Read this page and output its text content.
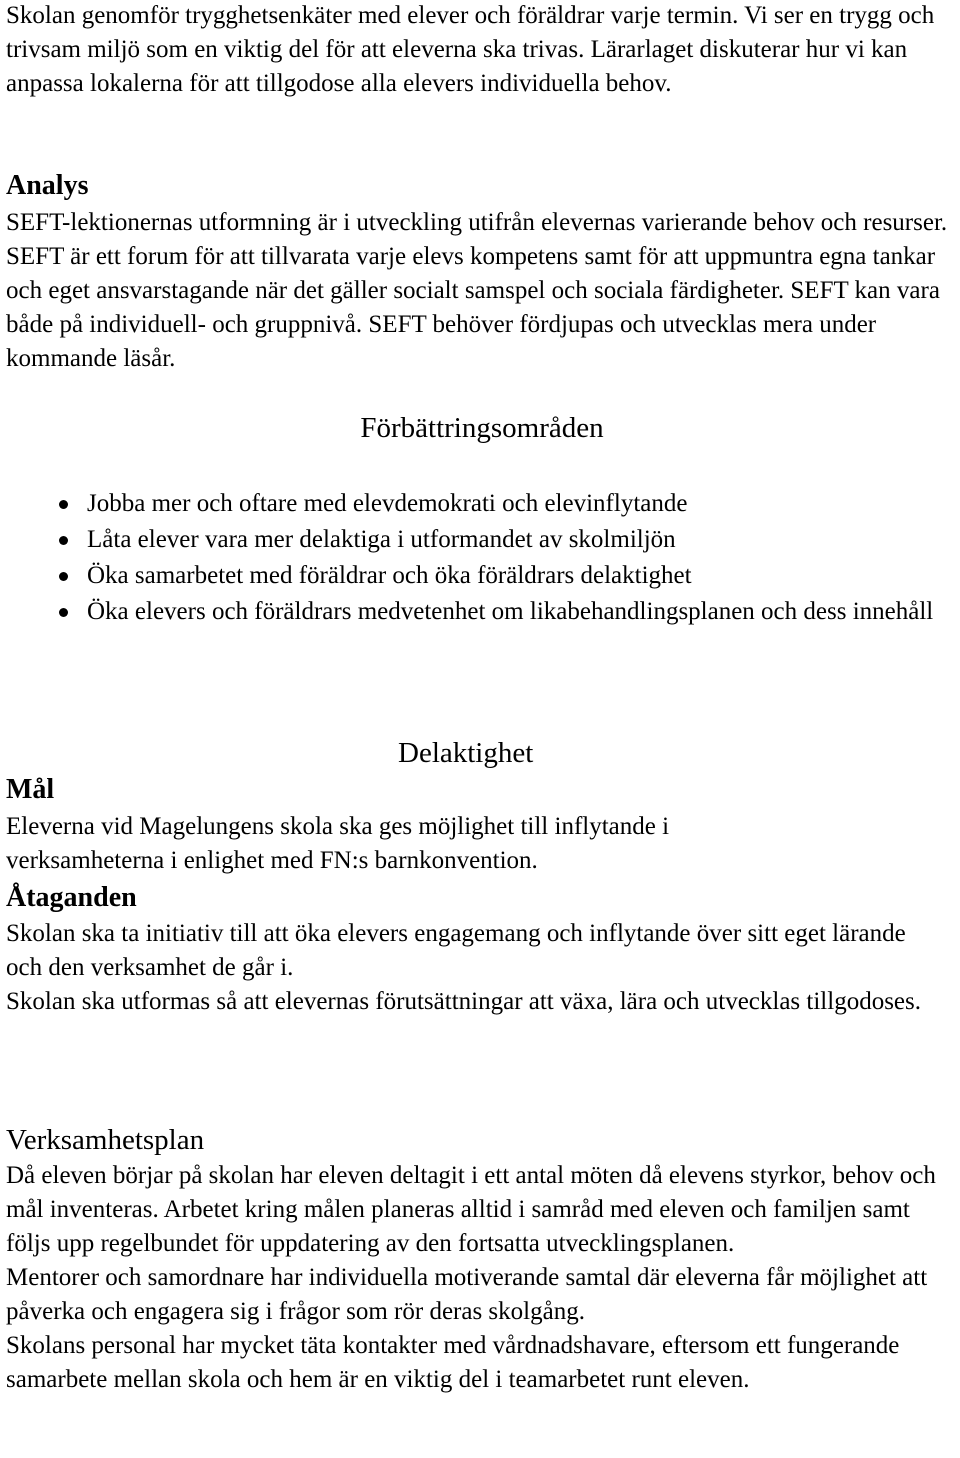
Skolan genomför trygghetsenkäter med elever och föräldrar varje termin. Vi ser en trygg och trivsam miljö som en viktig del för att eleverna ska trivas. Lärarlaget diskuterar hur vi kan anpassa lokalerna för att tillgodose alla elevers individuella behov.

Analys

SEFT-lektionernas utformning är i utveckling utifrån elevernas varierande behov och resurser. SEFT är ett forum för att tillvarata varje elevs kompetens samt för att uppmuntra egna tankar och eget ansvarstagande när det gäller socialt samspel och sociala färdigheter. SEFT kan vara både på individuell- och gruppnivå. SEFT behöver fördjupas och utvecklas mera under kommande läsår.

Förbättringsområden

Jobba mer och oftare med elevdemokrati och elevinflytande
Låta elever vara mer delaktiga i utformandet av skolmiljön
Öka samarbetet med föräldrar och öka föräldrars delaktighet
Öka elevers och föräldrars medvetenhet om likabehandlingsplanen och dess innehåll

Delaktighet

Mål

Eleverna vid Magelungens skola ska ges möjlighet till inflytande i verksamheterna i enlighet med FN:s barnkonvention.

Åtaganden

Skolan ska ta initiativ till att öka elevers engagemang och inflytande över sitt eget lärande och den verksamhet de går i.

Skolan ska utformas så att elevernas förutsättningar att växa, lära och utvecklas tillgodoses.

Verksamhetsplan

Då eleven börjar på skolan har eleven deltagit i ett antal möten då elevens styrkor, behov och mål inventeras. Arbetet kring målen planeras alltid i samråd med eleven och familjen samt följs upp regelbundet för uppdatering av den fortsatta utvecklingsplanen.

Mentorer och samordnare har individuella motiverande samtal där eleverna får möjlighet att påverka och engagera sig i frågor som rör deras skolgång.

Skolans personal har mycket täta kontakter med vårdnadshavare, eftersom ett fungerande samarbete mellan skola och hem är en viktig del i teamarbetet runt eleven.
